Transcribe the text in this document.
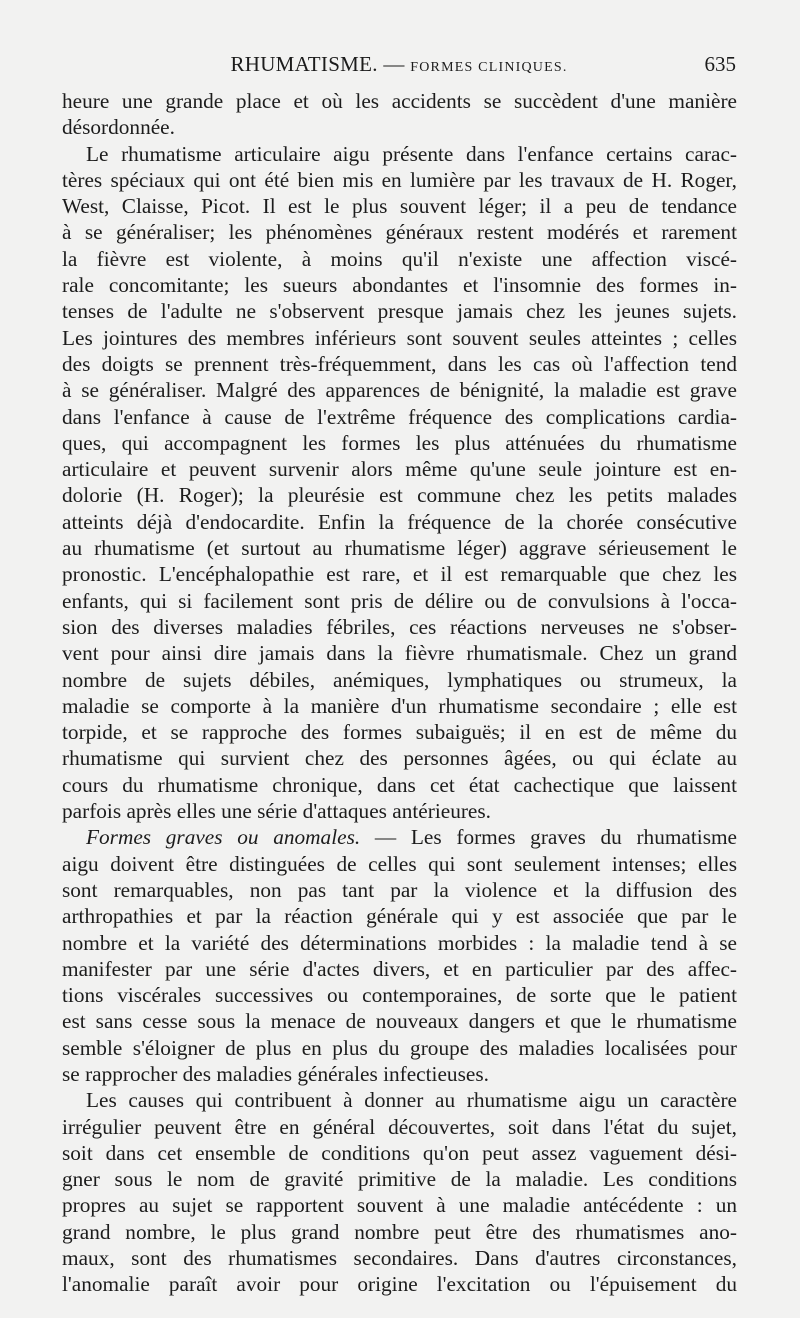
RHUMATISME. — FORMES CLINIQUES.	635
heure une grande place et où les accidents se succèdent d'une manière
désordonnée.
Le rhumatisme articulaire aigu présente dans l'enfance certains carac-
tères spéciaux qui ont été bien mis en lumière par les travaux de H. Roger,
West, Claisse, Picot. Il est le plus souvent léger; il a peu de tendance
à se généraliser; les phénomènes généraux restent modérés et rarement
la fièvre est violente, à moins qu'il n'existe une affection viscé-
rale concomitante; les sueurs abondantes et l'insomnie des formes in-
tenses de l'adulte ne s'observent presque jamais chez les jeunes sujets.
Les jointures des membres inférieurs sont souvent seules atteintes ; celles
des doigts se prennent très-fréquemment, dans les cas où l'affection tend
à se généraliser. Malgré des apparences de bénignité, la maladie est grave
dans l'enfance à cause de l'extrême fréquence des complications cardia-
ques, qui accompagnent les formes les plus atténuées du rhumatisme
articulaire et peuvent survenir alors même qu'une seule jointure est en-
dolorie (H. Roger); la pleurésie est commune chez les petits malades
atteints déjà d'endocardite. Enfin la fréquence de la chorée consécutive
au rhumatisme (et surtout au rhumatisme léger) aggrave sérieusement le
pronostic. L'encéphalopathie est rare, et il est remarquable que chez les
enfants, qui si facilement sont pris de délire ou de convulsions à l'occa-
sion des diverses maladies fébriles, ces réactions nerveuses ne s'obser-
vent pour ainsi dire jamais dans la fièvre rhumatismale. Chez un grand
nombre de sujets débiles, anémiques, lymphatiques ou strumeux, la
maladie se comporte à la manière d'un rhumatisme secondaire ; elle est
torpide, et se rapproche des formes subaiguës; il en est de même du
rhumatisme qui survient chez des personnes âgées, ou qui éclate au
cours du rhumatisme chronique, dans cet état cachectique que laissent
parfois après elles une série d'attaques antérieures.
Formes graves ou anomales. — Les formes graves du rhumatisme
aigu doivent être distinguées de celles qui sont seulement intenses; elles
sont remarquables, non pas tant par la violence et la diffusion des
arthropathies et par la réaction générale qui y est associée que par le
nombre et la variété des déterminations morbides : la maladie tend à se
manifester par une série d'actes divers, et en particulier par des affec-
tions viscérales successives ou contemporaines, de sorte que le patient
est sans cesse sous la menace de nouveaux dangers et que le rhumatisme
semble s'éloigner de plus en plus du groupe des maladies localisées pour
se rapprocher des maladies générales infectieuses.
Les causes qui contribuent à donner au rhumatisme aigu un caractère
irrégulier peuvent être en général découvertes, soit dans l'état du sujet,
soit dans cet ensemble de conditions qu'on peut assez vaguement dési-
gner sous le nom de gravité primitive de la maladie. Les conditions
propres au sujet se rapportent souvent à une maladie antécédente : un
grand nombre, le plus grand nombre peut être des rhumatismes ano-
maux, sont des rhumatismes secondaires. Dans d'autres circonstances,
l'anomalie paraît avoir pour origine l'excitation ou l'épuisement du
